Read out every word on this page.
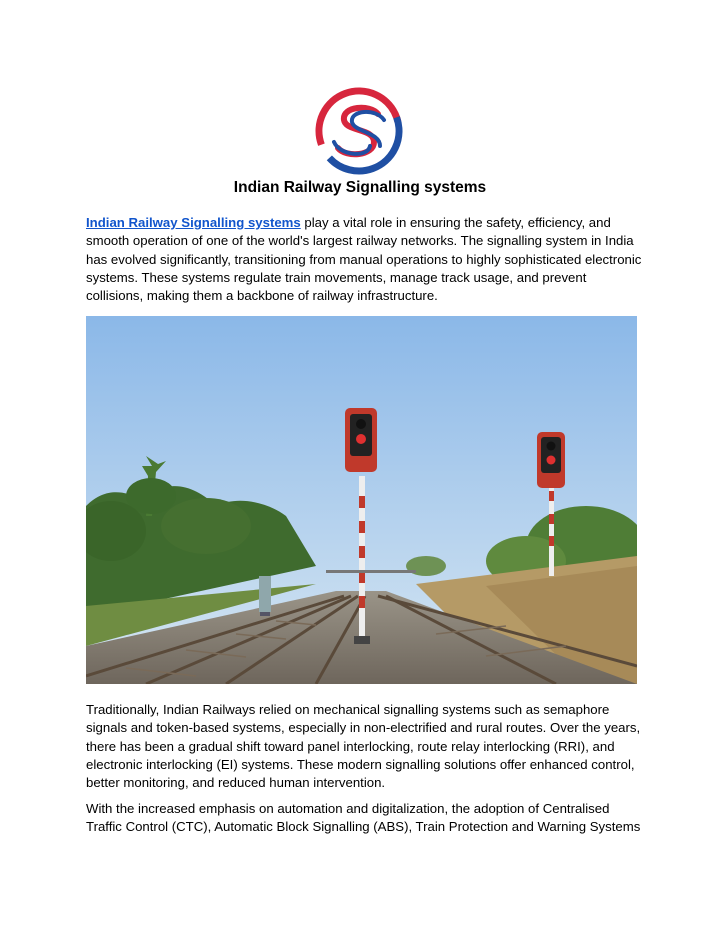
Indian Railway Signalling systems

Indian Railway Signalling systems play a vital role in ensuring the safety, efficiency, and smooth operation of one of the world's largest railway networks. The signalling system in India has evolved significantly, transitioning from manual operations to highly sophisticated electronic systems. These systems regulate train movements, manage track usage, and prevent collisions, making them a backbone of railway infrastructure.

Traditionally, Indian Railways relied on mechanical signalling systems such as semaphore signals and token-based systems, especially in non-electrified and rural routes. Over the years, there has been a gradual shift toward panel interlocking, route relay interlocking (RRI), and electronic interlocking (EI) systems. These modern signalling solutions offer enhanced control, better monitoring, and reduced human intervention.

With the increased emphasis on automation and digitalization, the adoption of Centralised Traffic Control (CTC), Automatic Block Signalling (ABS), Train Protection and Warning Systems
